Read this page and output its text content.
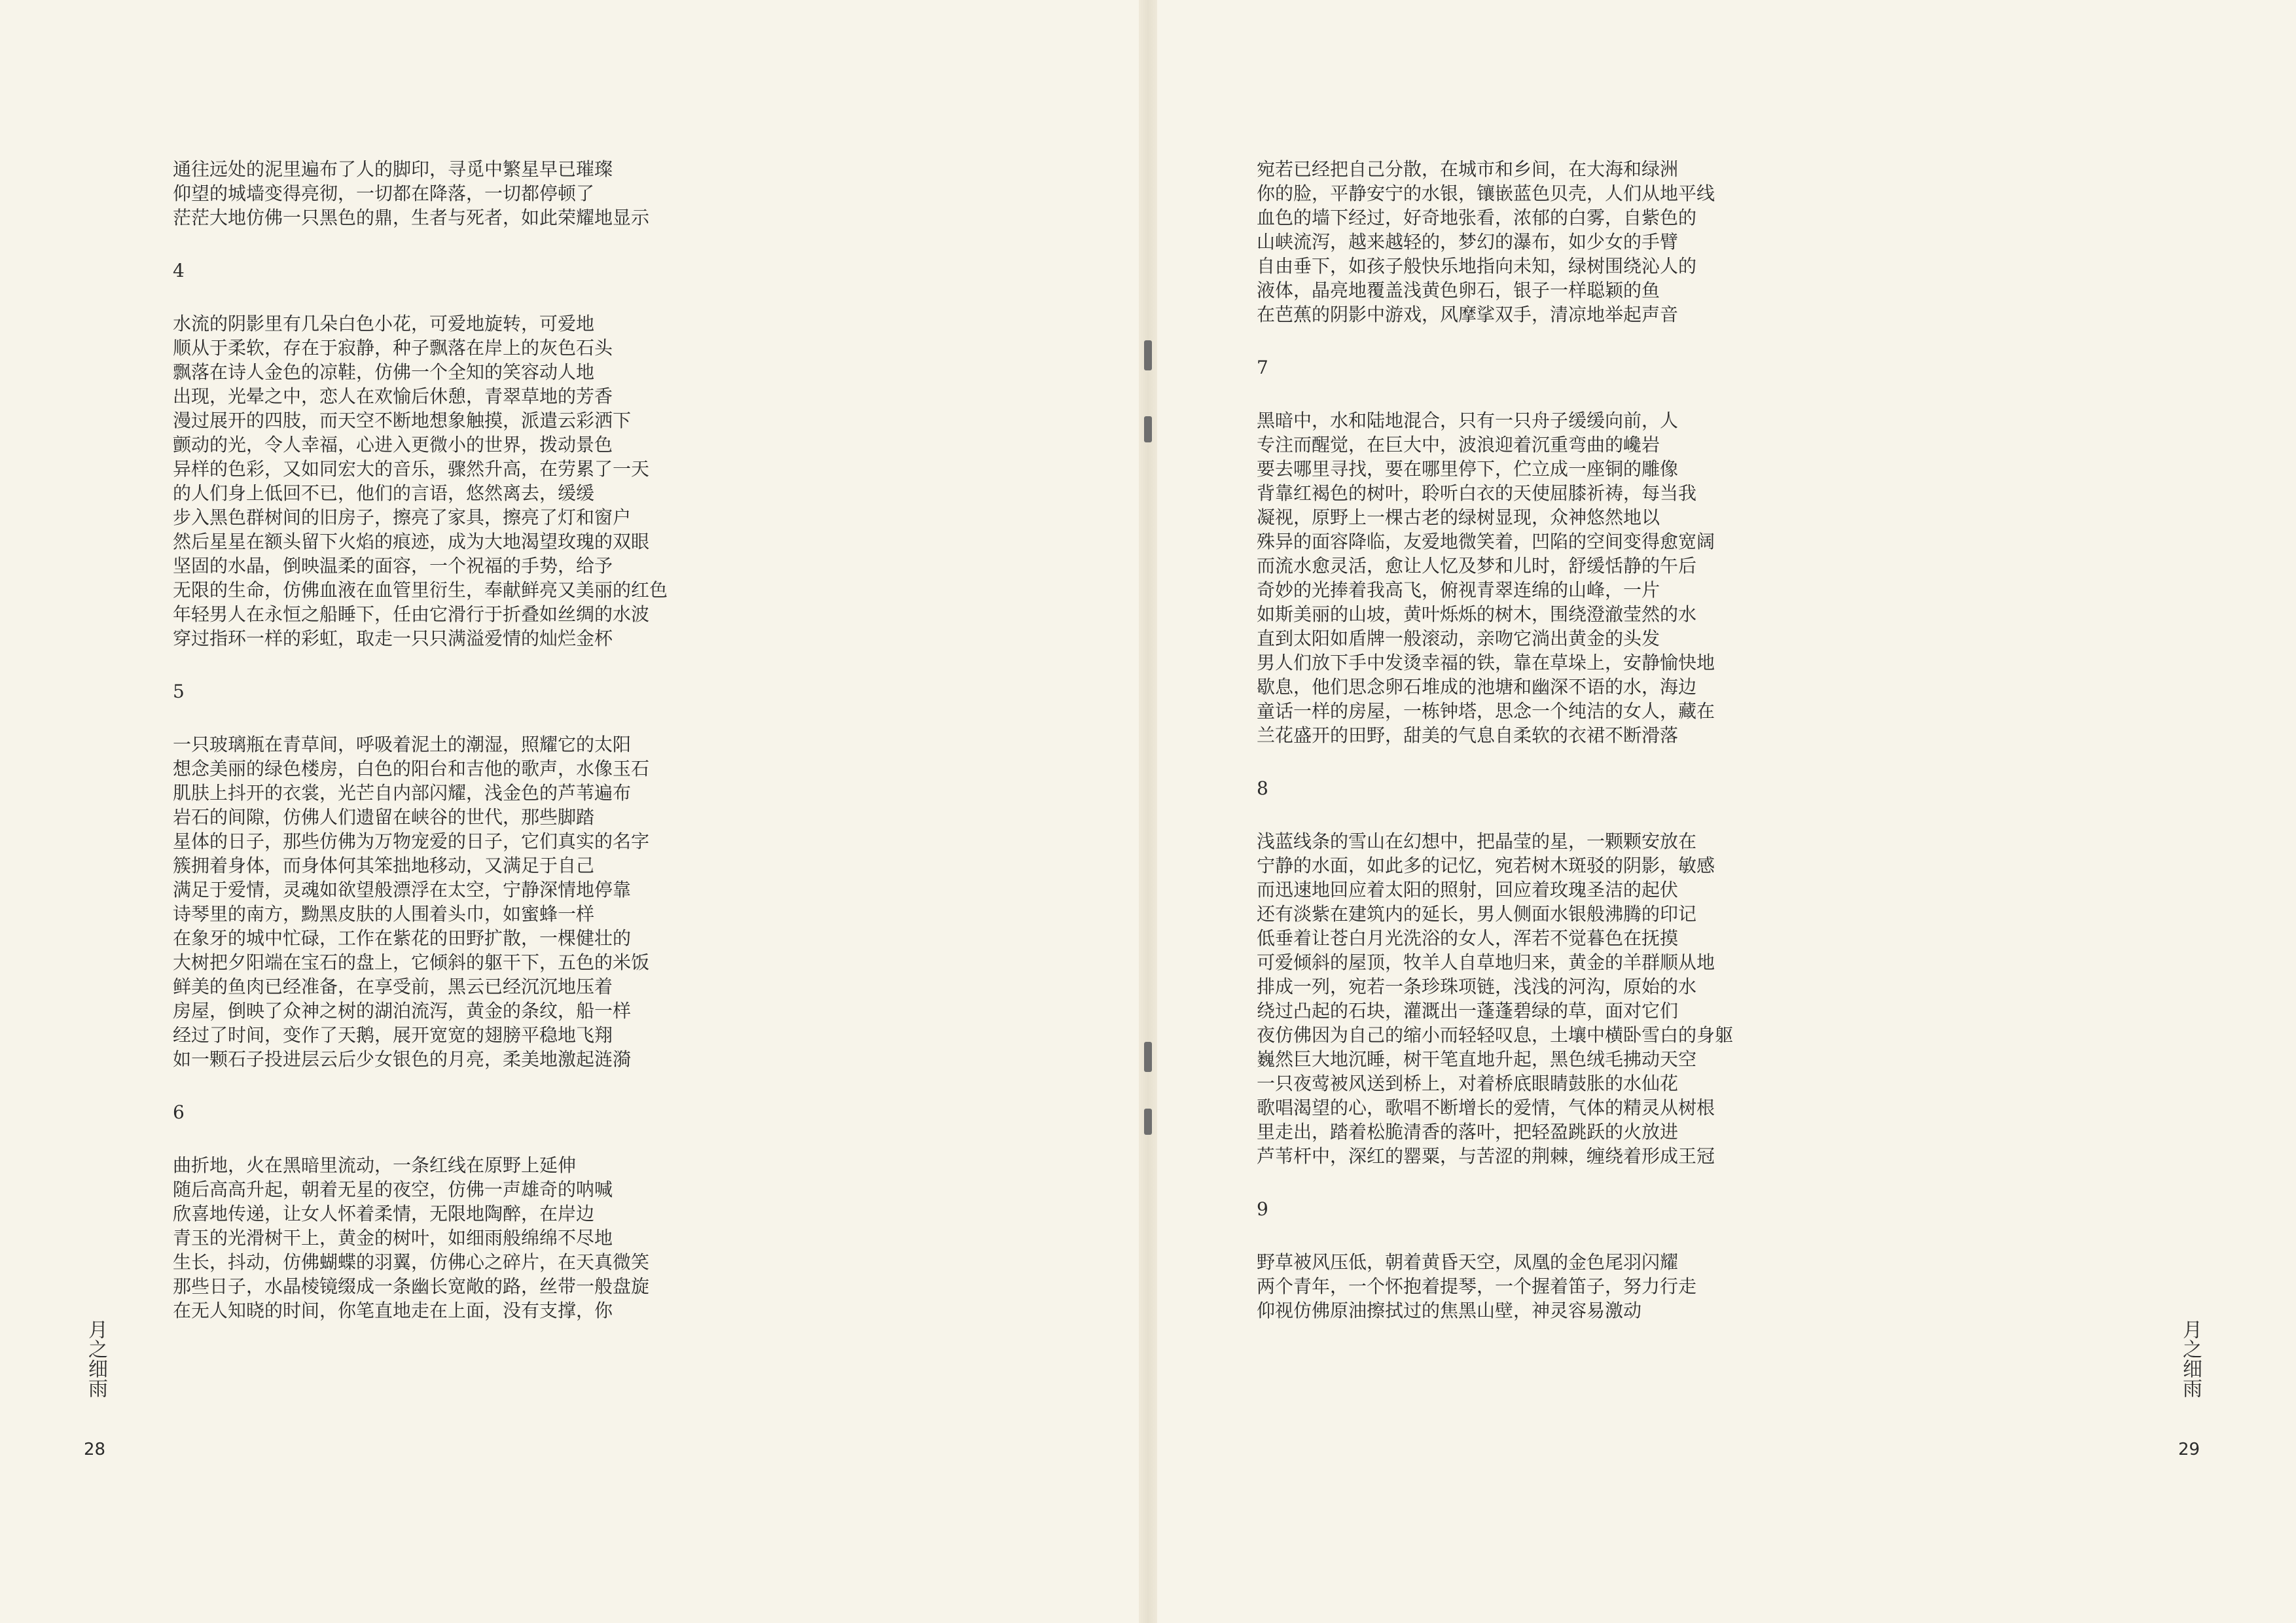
通往远处的泥里遍布了人的脚印，寻觅中繁星早已璀璨
仰望的城墙变得亮彻，一切都在降落，一切都停顿了
茫茫大地仿佛一只黑色的鼎，生者与死者，如此荣耀地显示
4
水流的阴影里有几朵白色小花，可爱地旋转，可爱地
顺从于柔软，存在于寂静，种子飘落在岸上的灰色石头
飘落在诗人金色的凉鞋，仿佛一个全知的笑容动人地
出现，光晕之中，恋人在欢愉后休憩，青翠草地的芳香
漫过展开的四肢，而天空不断地想象触摸，派遣云彩洒下
颤动的光，令人幸福，心进入更微小的世界，拨动景色
异样的色彩，又如同宏大的音乐，骤然升高，在劳累了一天
的人们身上低回不已，他们的言语，悠然离去，缓缓
步入黑色群树间的旧房子，擦亮了家具，擦亮了灯和窗户
然后星星在额头留下火焰的痕迹，成为大地渴望玫瑰的双眼
坚固的水晶，倒映温柔的面容，一个祝福的手势，给予
无限的生命，仿佛血液在血管里衍生，奉献鲜亮又美丽的红色
年轻男人在永恒之船睡下，任由它滑行于折叠如丝绸的水波
穿过指环一样的彩虹，取走一只只满溢爱情的灿烂金杯
5
一只玻璃瓶在青草间，呼吸着泥土的潮湿，照耀它的太阳
想念美丽的绿色楼房，白色的阳台和吉他的歌声，水像玉石
肌肤上抖开的衣裳，光芒自内部闪耀，浅金色的芦苇遍布
岩石的间隙，仿佛人们遗留在峡谷的世代，那些脚踏
星体的日子，那些仿佛为万物宠爱的日子，它们真实的名字
簇拥着身体，而身体何其笨拙地移动，又满足于自己
满足于爱情，灵魂如欲望般漂浮在太空，宁静深情地停靠
诗琴里的南方，黝黑皮肤的人围着头巾，如蜜蜂一样
在象牙的城中忙碌，工作在紫花的田野扩散，一棵健壮的
大树把夕阳端在宝石的盘上，它倾斜的躯干下，五色的米饭
鲜美的鱼肉已经准备，在享受前，黑云已经沉沉地压着
房屋，倒映了众神之树的湖泊流泻，黄金的条纹，船一样
经过了时间，变作了天鹅，展开宽宽的翅膀平稳地飞翔
如一颗石子投进层云后少女银色的月亮，柔美地激起涟漪
6
曲折地，火在黑暗里流动，一条红线在原野上延伸
随后高高升起，朝着无星的夜空，仿佛一声雄奇的呐喊
欣喜地传递，让女人怀着柔情，无限地陶醉，在岸边
青玉的光滑树干上，黄金的树叶，如细雨般绵绵不尽地
生长，抖动，仿佛蝴蝶的羽翼，仿佛心之碎片，在天真微笑
那些日子，水晶棱镜缀成一条幽长宽敞的路，丝带一般盘旋
在无人知晓的时间，你笔直地走在上面，没有支撑，你
月之细雨
28
宛若已经把自己分散，在城市和乡间，在大海和绿洲
你的脸，平静安宁的水银，镶嵌蓝色贝壳，人们从地平线
血色的墙下经过，好奇地张看，浓郁的白雾，自紫色的
山峡流泻，越来越轻的，梦幻的瀑布，如少女的手臂
自由垂下，如孩子般快乐地指向未知，绿树围绕沁人的
液体，晶亮地覆盖浅黄色卵石，银子一样聪颖的鱼
在芭蕉的阴影中游戏，风摩挲双手，清凉地举起声音
7
黑暗中，水和陆地混合，只有一只舟子缓缓向前，人
专注而醒觉，在巨大中，波浪迎着沉重弯曲的巉岩
要去哪里寻找，要在哪里停下，伫立成一座铜的雕像
背靠红褐色的树叶，聆听白衣的天使屈膝祈祷，每当我
凝视，原野上一棵古老的绿树显现，众神悠然地以
殊异的面容降临，友爱地微笑着，凹陷的空间变得愈宽阔
而流水愈灵活，愈让人忆及梦和儿时，舒缓恬静的午后
奇妙的光捧着我高飞，俯视青翠连绵的山峰，一片
如斯美丽的山坡，黄叶烁烁的树木，围绕澄澈莹然的水
直到太阳如盾牌一般滚动，亲吻它淌出黄金的头发
男人们放下手中发烫幸福的铁，靠在草垛上，安静愉快地
歇息，他们思念卵石堆成的池塘和幽深不语的水，海边
童话一样的房屋，一栋钟塔，思念一个纯洁的女人，藏在
兰花盛开的田野，甜美的气息自柔软的衣裙不断滑落
8
浅蓝线条的雪山在幻想中，把晶莹的星，一颗颗安放在
宁静的水面，如此多的记忆，宛若树木斑驳的阴影，敏感
而迅速地回应着太阳的照射，回应着玫瑰圣洁的起伏
还有淡紫在建筑内的延长，男人侧面水银般沸腾的印记
低垂着让苍白月光洗浴的女人，浑若不觉暮色在抚摸
可爱倾斜的屋顶，牧羊人自草地归来，黄金的羊群顺从地
排成一列，宛若一条珍珠项链，浅浅的河沟，原始的水
绕过凸起的石块，灌溉出一蓬蓬碧绿的草，面对它们
夜仿佛因为自己的缩小而轻轻叹息，土壤中横卧雪白的身躯
巍然巨大地沉睡，树干笔直地升起，黑色绒毛拂动天空
一只夜莺被风送到桥上，对着桥底眼睛鼓胀的水仙花
歌唱渴望的心，歌唱不断增长的爱情，气体的精灵从树根
里走出，踏着松脆清香的落叶，把轻盈跳跃的火放进
芦苇杆中，深红的罂粟，与苦涩的荆棘，缠绕着形成王冠
9
野草被风压低，朝着黄昏天空，凤凰的金色尾羽闪耀
两个青年，一个怀抱着提琴，一个握着笛子，努力行走
仰视仿佛原油擦拭过的焦黑山壁，神灵容易激动
月之细雨
29
